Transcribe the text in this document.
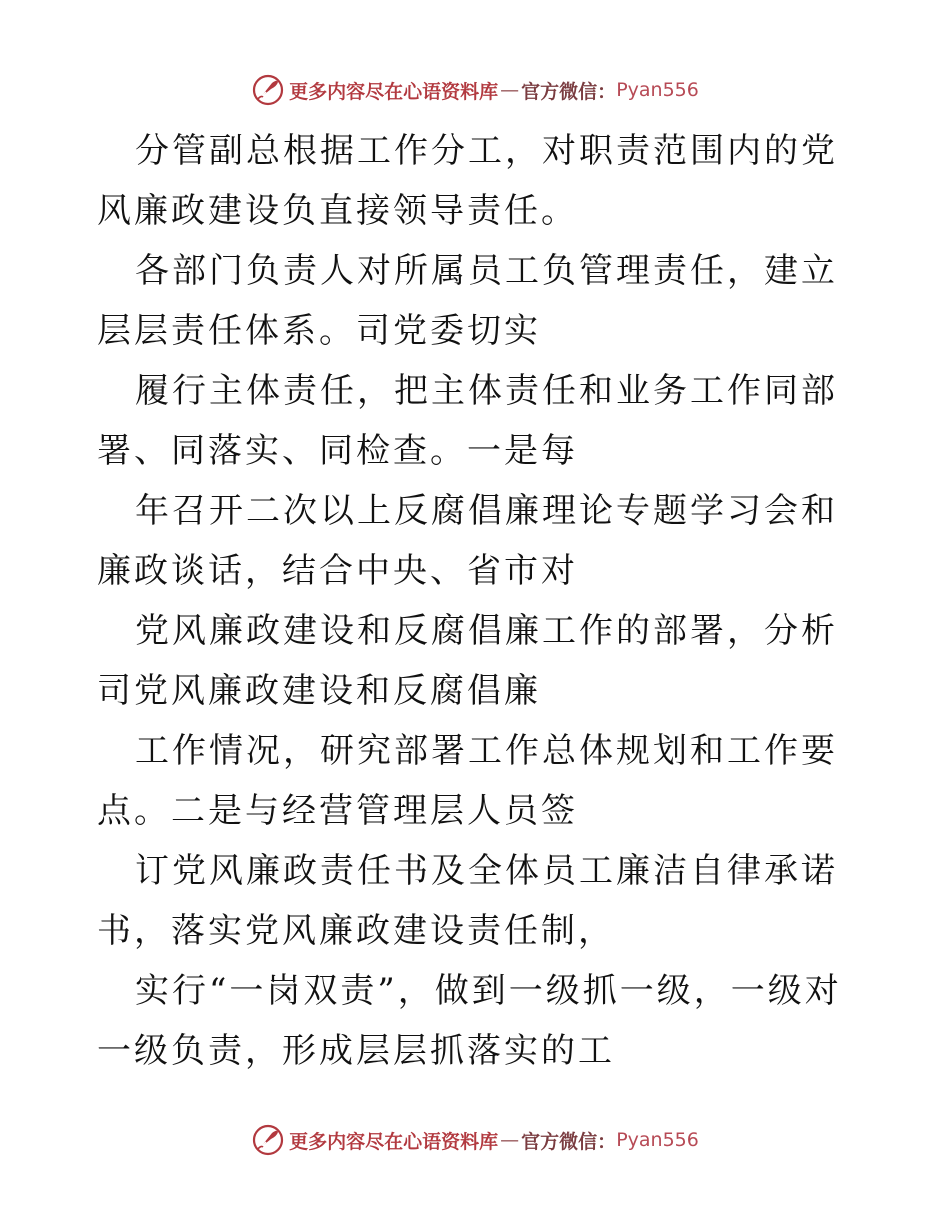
更多内容尽在心语资料库 — 官方微信： Pyan556

分管副总根据工作分工，对职责范围内的党风廉政建设负直接领导责任。

各部门负责人对所属员工负管理责任，建立层层责任体系。司党委切实

履行主体责任，把主体责任和业务工作同部署、同落实、同检查。一是每

年召开二次以上反腐倡廉理论专题学习会和廉政谈话，结合中央、省市对

党风廉政建设和反腐倡廉工作的部署，分析司党风廉政建设和反腐倡廉

工作情况，研究部署工作总体规划和工作要点。二是与经营管理层人员签

订党风廉政责任书及全体员工廉洁自律承诺书，落实党风廉政建设责任制，

实行“一岗双责”，做到一级抓一级，一级对一级负责，形成层层抓落实的工

更多内容尽在心语资料库 — 官方微信： Pyan556
